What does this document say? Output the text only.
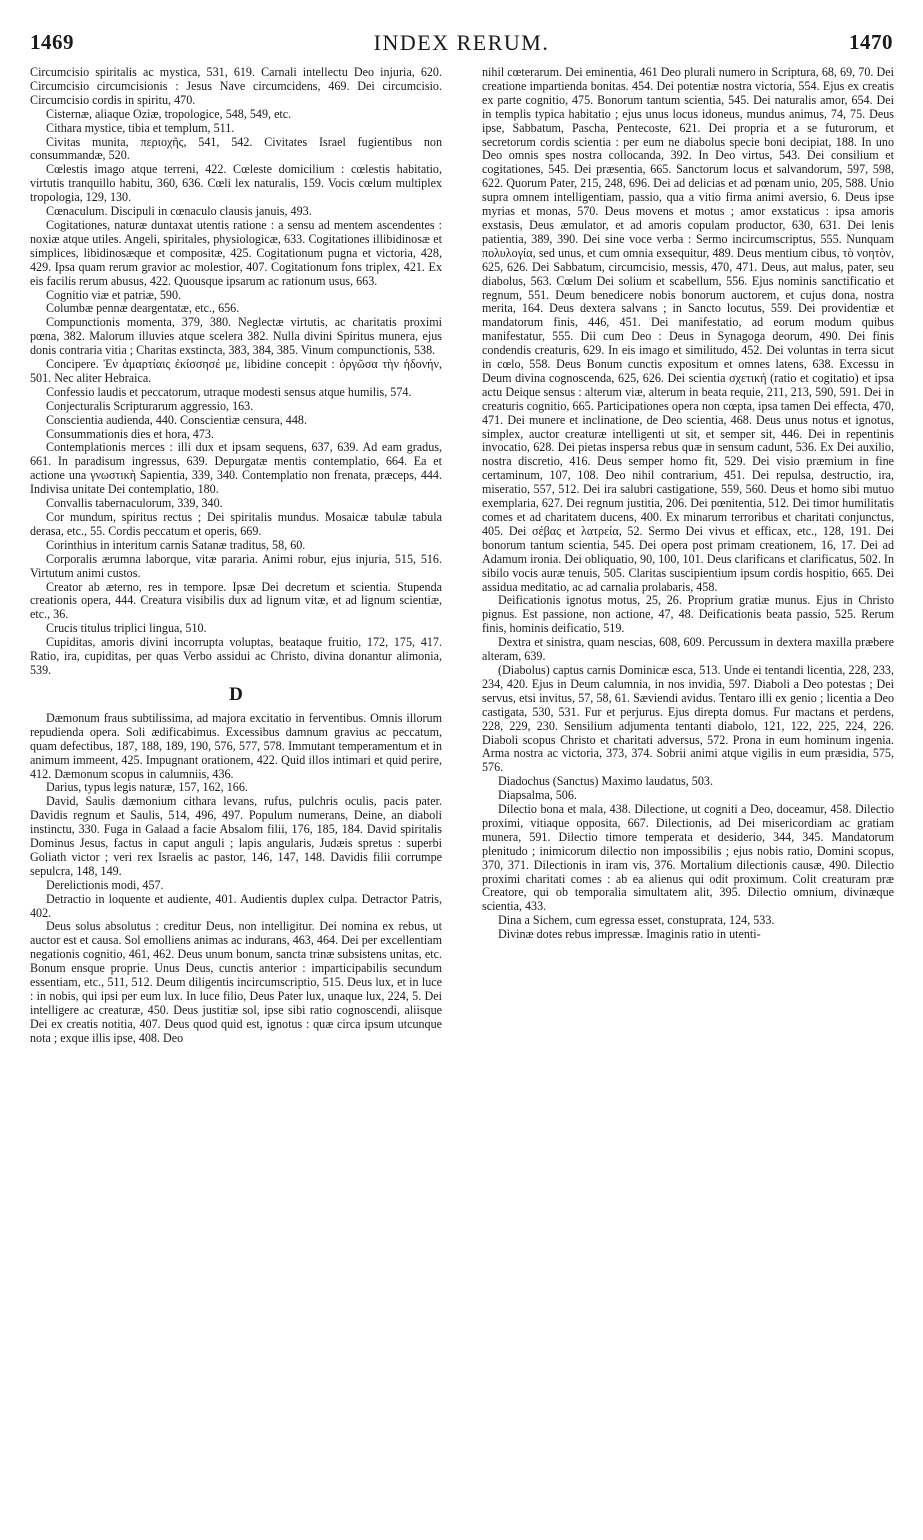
1469	INDEX RERUM.	1470

Circumcisio spiritalis ac mystica, 531, 619. Carnali intellectu Deo injuria, 620. Circumcisio circumcisionis : Jesus Nave circumcidens, 469. Dei circumcisio. Circumcisio cordis in spiritu, 470.

Cisternæ, aliaque Oziæ, tropologice, 548, 549, etc.

Cithara mystice, tibia et templum, 511.

Civitas munita, περιοχῆς, 541, 542. Civitates Israel fugientibus non consummandæ, 520.

Cœlestis imago atque terreni, 422. Cœleste domicilium : cœlestis habitatio, virtutis tranquillo habitu, 360, 636. Cœli lex naturalis, 159. Vocis cœlum multiplex tropologia, 129, 130.

Cœnaculum. Discipuli in cœnaculo clausis januis, 493.

Cogitationes, naturæ duntaxat utentis ratione : a sensu ad mentem ascendentes : noxiæ atque utiles. Angeli, spiritales, physiologicæ, 633. Cogitationes illibidinosæ et simplices, libidinosæque et compositæ, 425. Cogitationum pugna et victoria, 428, 429. Ipsa quam rerum gravior ac molestior, 407. Cogitationum fons triplex, 421. Ex eis facilis rerum abusus, 422. Quousque ipsarum ac rationum usus, 663.

Cognitio viæ et patriæ, 590.

Columbæ pennæ deargentatæ, etc., 656.

Compunctionis momenta, 379, 380. Neglectæ virtutis, ac charitatis proximi pœna, 382. Malorum illuvies atque scelera 382. Nulla divini Spiritus munera, ejus donis contraria vitia ; Charitas exstincta, 383, 384, 385. Vinum compunctionis, 538.

Concipere. Ἐν ἁμαρτίαις ἐκίσσησέ με, libidine concepit : ὀργῶσα τὴν ἡδονήν, 501. Nec aliter Hebraica.

Confessio laudis et peccatorum, utraque modesti sensus atque humilis, 574.

Conjecturalis Scripturarum aggressio, 163.

Conscientia audienda, 440. Conscientiæ censura, 448.

Consummationis dies et hora, 473.

Contemplationis merces : illi dux et ipsam sequens, 637, 639. Ad eam gradus, 661. In paradisum ingressus, 639. Depurgatæ mentis contemplatio, 664. Ea et actione una γνωστικὴ Sapientia, 339, 340. Contemplatio non frenata, præceps, 444. Indivisa unitate Dei contemplatio, 180.

Convallis tabernaculorum, 339, 340.

Cor mundum, spiritus rectus ; Dei spiritalis mundus. Mosaicæ tabulæ tabula derasa, etc., 55. Cordis peccatum et operis, 669.

Corinthius in interitum carnis Satanæ traditus, 58, 60.

Corporalis ærumna laborque, vitæ pararia. Animi robur, ejus injuria, 515, 516. Virtutum animi custos.

Creator ab æterno, res in tempore. Ipsæ Dei decretum et scientia. Stupenda creationis opera, 444. Creatura visibilis dux ad lignum vitæ, et ad lignum scientiæ, etc., 36.

Crucis titulus triplici lingua, 510.

Cupiditas, amoris divini incorrupta voluptas, beataque fruitio, 172, 175, 417. Ratio, ira, cupiditas, per quas Verbo assidui ac Christo, divina donantur alimonia, 539.

D

Dæmonum fraus subtilissima, ad majora excitatio in ferventibus. Omnis illorum repudienda opera. Soli ædificabimus. Excessibus damnum gravius ac peccatum, quam defectibus, 187, 188, 189, 190, 576, 577, 578. Immutant temperamentum et in animum immeent, 425. Impugnant orationem, 422. Quid illos intimari et quid perire, 412. Dæmonum scopus in calumniis, 436.

Darius, typus legis naturæ, 157, 162, 166.

David, Saulis dæmonium cithara levans, rufus, pulchris oculis, pacis pater. Davidis regnum et Saulis, 514, 496, 497. Populum numerans, Deine, an diaboli instinctu, 330. Fuga in Galaad a facie Absalom filii, 176, 185, 184. David spiritalis Dominus Jesus, factus in caput anguli ; lapis angularis, Judæis spretus : superbi Goliath victor ; veri rex Israelis ac pastor, 146, 147, 148. Davidis filii corrumpe sepulcra, 148, 149.

Derelictionis modi, 457.

Detractio in loquente et audiente, 401. Audientis duplex culpa. Detractor Patris, 402.

Deus solus absolutus : creditur Deus, non intelligitur. Dei nomina ex rebus, ut auctor est et causa. Sol emolliens animas ac indurans, 463, 464. Dei per excellentiam negationis cognitio, 461, 462. Deus unum bonum, sancta trinæ subsistens unitas, etc. Bonum ensque proprie. Unus Deus, cunctis anterior : imparticipabilis secundum essentiam, etc., 511, 512. Deum diligentis incircumscriptio, 515. Deus lux, et in luce : in nobis, qui ipsi per eum lux. In luce filio, Deus Pater lux, unaque lux, 224, 5. Dei intelligere ac creaturæ, 450. Deus justitiæ sol, ipse sibi ratio cognoscendi, aliisque Dei ex creatis notitia, 407. Deus quod quid est, ignotus : quæ circa ipsum utcunque nota ; exque illis ipse, 408. Deo

nihil cœterarum. Dei eminentia, 461 Deo plurali numero in Scriptura, 68, 69, 70. Dei creatione impartienda bonitas. 454. Dei potentiæ nostra victoria, 554. Ejus ex creatis ex parte cognitio, 475. Bonorum tantum scientia, 545. Dei naturalis amor, 654. Dei in templis typica habitatio ; ejus unus locus idoneus, mundus animus, 74, 75. Deus ipse, Sabbatum, Pascha, Pentecoste, 621. Dei propria et a se futurorum, et secretorum cordis scientia : per eum ne diabolus specie boni decipiat, 188. In uno Deo omnis spes nostra collocanda, 392. In Deo virtus, 543. Dei consilium et cogitationes, 545. Dei præsentia, 665. Sanctorum locus et salvandorum, 597, 598, 622. Quorum Pater, 215, 248, 696. Dei ad delicias et ad pœnam unio, 205, 588. Unio supra omnem intelligentiam, passio, qua a vitio firma animi aversio, 6. Deus ipse myrias et monas, 570. Deus movens et motus ; amor exstaticus : ipsa amoris exstasis, Deus æmulator, et ad amoris copulam productor, 630, 631. Dei lenis patientia, 389, 390. Dei sine voce verba : Sermo incircumscriptus, 555. Nunquam πολυλογία, sed unus, et cum omnia exsequitur, 489. Deus mentium cibus, τὸ νοητὸν, 625, 626. Dei Sabbatum, circumcisio, messis, 470, 471. Deus, aut malus, pater, seu diabolus, 563. Cœlum Dei solium et scabellum, 556. Ejus nominis sanctificatio et regnum, 551. Deum benedicere nobis bonorum auctorem, et cujus dona, nostra merita, 164. Deus dextera salvans ; in Sancto locutus, 559. Dei providentiæ et mandatorum finis, 446, 451. Dei manifestatio, ad eorum modum quibus manifestatur, 555. Dii cum Deo : Deus in Synagoga deorum, 490. Dei finis condendis creaturis, 629. In eis imago et similitudo, 452. Dei voluntas in terra sicut in cœlo, 558. Deus Bonum cunctis expositum et omnes latens, 638. Excessu in Deum divina cognoscenda, 625, 626. Dei scientia σχετική (ratio et cogitatio) et ipsa actu Deique sensus : alterum viæ, alterum in beata requie, 211, 213, 590, 591. Dei in creaturis cognitio, 665. Participationes opera non cœpta, ipsa tamen Dei effecta, 470, 471. Dei munere et inclinatione, de Deo scientia, 468. Deus unus notus et ignotus, simplex, auctor creaturæ intelligenti ut sit, et semper sit, 446. Dei in repentinis invocatio, 628. Dei pietas inspersa rebus quæ in sensum cadunt, 536. Ex Dei auxilio, nostra discretio, 416. Deus semper homo fit, 529. Dei visio præmium in fine certaminum, 107, 108. Deo nihil contrarium, 451. Dei repulsa, destructio, ira, miseratio, 557, 512. Dei ira salubri castigatione, 559, 560. Deus et homo sibi mutuo exemplaria, 627. Dei regnum justitia, 206. Dei pœnitentia, 512. Dei timor humilitatis comes et ad charitatem ducens, 400. Ex minarum terroribus et charitati conjunctus, 405. Dei σέβας et λατρεία, 52. Sermo Dei vivus et efficax, etc., 128, 191. Dei bonorum tantum scientia, 545. Dei opera post primam creationem, 16, 17. Dei ad Adamum ironia. Dei obliquatio, 90, 100, 101. Deus clarificans et clarificatus, 502. In sibilo vocis auræ tenuis, 505. Claritas suscipientium ipsum cordis hospitio, 665. Dei assidua meditatio, ac ad carnalia prolabaris, 458.

Deificationis ignotus motus, 25, 26. Proprium gratiæ munus. Ejus in Christo pignus. Est passione, non actione, 47, 48. Deificationis beata passio, 525. Rerum finis, hominis deificatio, 519.

Dextra et sinistra, quam nescias, 608, 609. Percussum in dextera maxilla præbere alteram, 639.

(Diabolus) captus carnis Dominicæ esca, 513. Unde ei tentandi licentia, 228, 233, 234, 420. Ejus in Deum calumnia, in nos invidia, 597. Diaboli a Deo potestas ; Dei servus, etsi invitus, 57, 58, 61. Sæviendi avidus. Tentaro illi ex genio ; licentia a Deo castigata, 530, 531. Fur et perjurus. Ejus direpta domus. Fur mactans et perdens, 228, 229, 230. Sensilium adjumenta tentanti diabolo, 121, 122, 225, 224, 226. Diaboli scopus Christo et charitati adversus, 572. Prona in eum hominum ingenia. Arma nostra ac victoria, 373, 374. Sobrii animi atque vigilis in eum præsidia, 575, 576.

Diadochus (Sanctus) Maximo laudatus, 503.

Diapsalma, 506.

Dilectio bona et mala, 438. Dilectione, ut cogniti a Deo, doceamur, 458. Dilectio proximi, vitiaque opposita, 667. Dilectionis, ad Dei misericordiam ac gratiam munera, 591. Dilectio timore temperata et desiderio, 344, 345. Mandatorum plenitudo ; inimicorum dilectio non impossibilis ; ejus nobis ratio, Domini scopus, 370, 371. Dilectionis in iram vis, 376. Mortalium dilectionis causæ, 490. Dilectio proximi charitati comes : ab ea alienus qui odit proximum. Colit creaturam præ Creatore, qui ob temporalia simultatem alit, 395. Dilectio omnium, divinæque scientia, 433.

Dina a Sichem, cum egressa esset, constuprata, 124, 533.

Divinæ dotes rebus impressæ. Imaginis ratio in utenti-
